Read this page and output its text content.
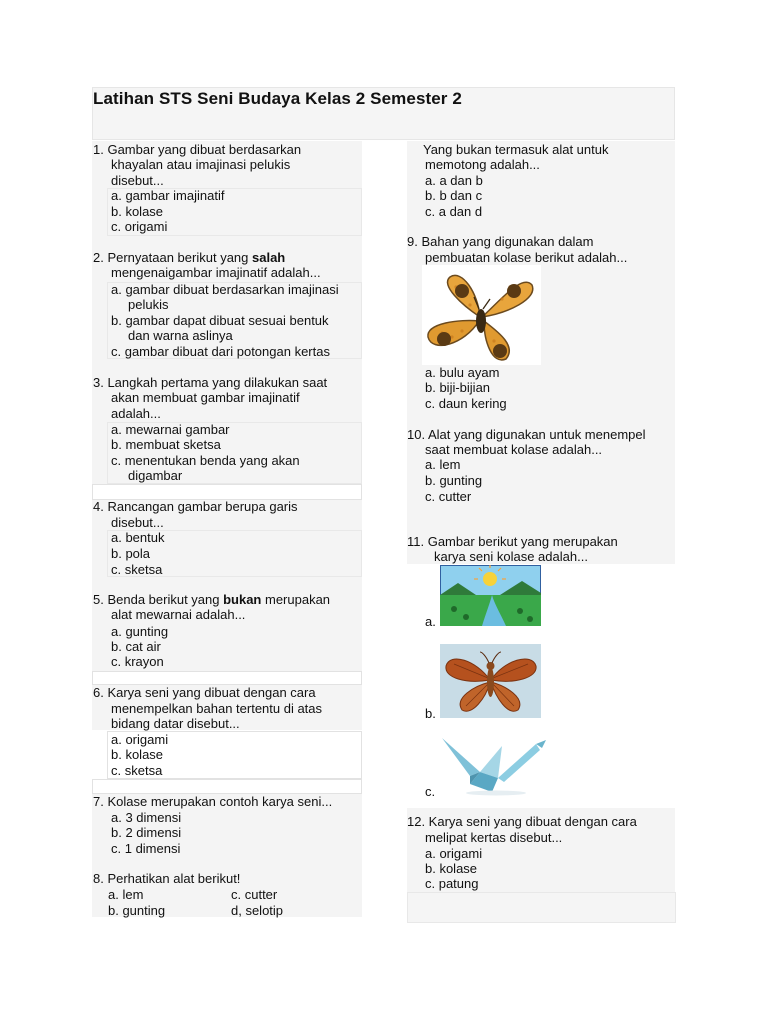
Latihan STS Seni Budaya Kelas 2 Semester 2
1. Gambar yang dibuat berdasarkan
khayalan atau imajinasi pelukis
disebut...
a. gambar imajinatif
b. kolase
c. origami
2. Pernyataan berikut yang salah
mengenaigambar imajinatif adalah...
a. gambar dibuat berdasarkan imajinasi
pelukis
b. gambar dapat dibuat sesuai bentuk
dan warna aslinya
c. gambar dibuat dari potongan kertas
3. Langkah pertama yang dilakukan saat
akan membuat gambar imajinatif
adalah...
a. mewarnai gambar
b. membuat sketsa
c. menentukan benda yang akan
digambar
4. Rancangan gambar berupa garis
disebut...
a. bentuk
b. pola
c. sketsa
5. Benda berikut yang bukan merupakan
alat mewarnai adalah...
a. gunting
b. cat air
c. krayon
6. Karya seni yang dibuat dengan cara
menempelkan bahan tertentu di atas
bidang datar disebut...
a. origami
b. kolase
c. sketsa
7. Kolase merupakan contoh karya seni...
a. 3 dimensi
b. 2 dimensi
c. 1 dimensi
8. Perhatikan alat berikut!
a. lem	c. cutter
b. gunting	d, selotip
Yang bukan termasuk alat untuk
memotong adalah...
a. a dan b
b. b dan c
c. a dan d
9. Bahan yang digunakan dalam
pembuatan kolase berikut adalah...
a. bulu ayam
b. biji-bijian
c. daun kering
10. Alat yang digunakan untuk menempel
saat membuat kolase adalah...
a. lem
b. gunting
c. cutter
11. Gambar berikut yang merupakan
karya seni kolase adalah...
a.
b.
c.
12. Karya seni yang dibuat dengan cara
melipat kertas disebut...
a. origami
b. kolase
c. patung
